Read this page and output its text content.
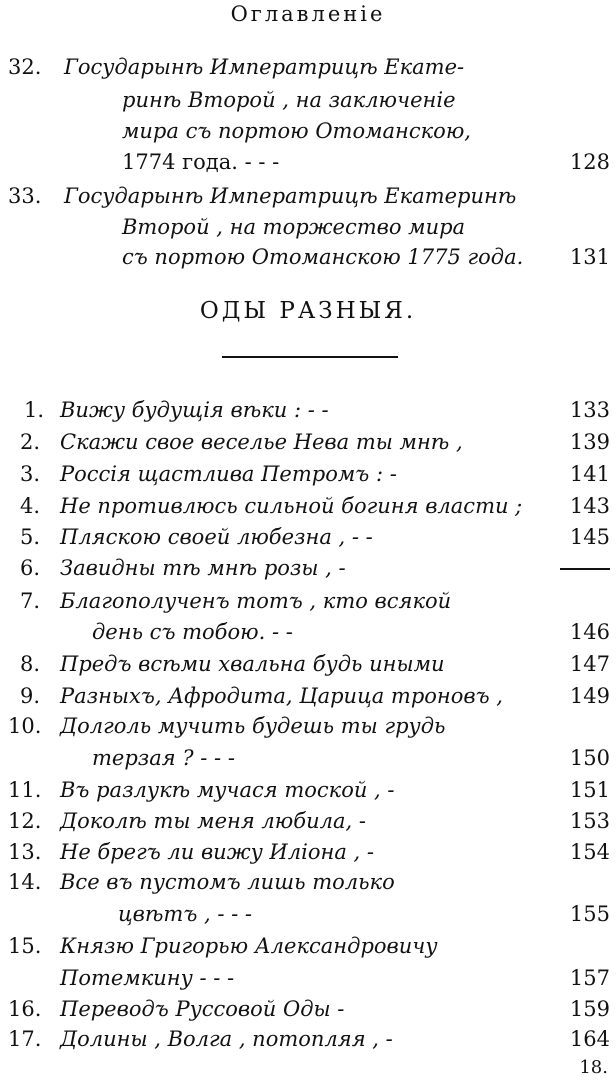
Оглавленіе
32. Государынѣ Императрицѣ Екате-
ринѣ Второй , на заключеніе
мира съ портою Отоманскою,
1774 года. - - -	128
33. Государынѣ Императрицѣ Екатеринѣ
Второй , на торжество мира
съ портою Отоманскою 1775 года. 131
ОДЫ РАЗНЫЯ.
1. Вижу будущія вѣки : - -	133
2. Скажи свое веселье Нева ты мнѣ ,	139
3. Россія щастлива Петромъ : -	141
4. Не противлюсь сильной богиня власти ; 143
5. Пляскою своей любезна , - -	145
6. Завидны тѣ мнѣ розы , -
7. Благополученъ тотъ , кто всякой
день съ тобою. - -	146
8. Предъ всѣми хвальна будь иными	147
9. Разныхъ, Афродита, Царица троновъ ,	149
10. Долголь мучить будешь ты грудь
терзая ? - - -	150
11. Въ разлукѣ мучася тоской , -	151
12. Доколѣ ты меня любила, -	153
13. Не брегъ ли вижу Иліона , -	154
14. Все въ пустомъ лишь только
цвѣтъ , - - -	155
15. Князю Григорью Александровичу
Потемкину - - -	157
16. Переводъ Руссовой Оды -	159
17. Долины , Волга , потопляя , -	164
18.
